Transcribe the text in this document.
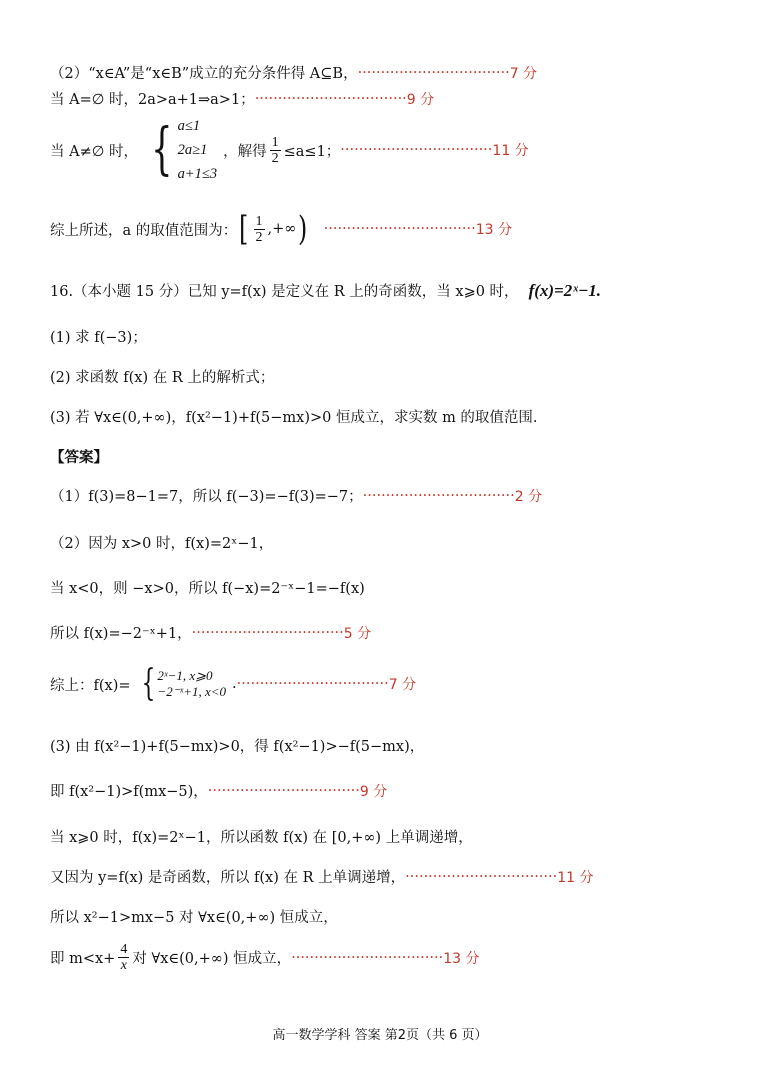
（2）“x∈A”是“x∈B”成立的充分条件得 A⊆B， ································· 7 分
当 A=∅ 时，2a>a+1⇒a>1； ································· 9 分
当 A≠∅ 时， { a≤1
2a≥1
a+1≤3
，解得 $\frac{1}{2} \le a\le 1$； ································· 11 分
综上所述，a 的取值范围为： [ $\frac{1}{2}$ ,+∞ ) ································· 13 分
16.（本小题 15 分）已知 y=f(x) 是定义在 R 上的奇函数，当 x⩾0 时， f(x)=2ˣ−1.
(1) 求 f(−3)；
(2) 求函数 f(x) 在 R 上的解析式；
(3) 若 ∀x∈(0,+∞)，f(x²−1)+f(5−mx)>0 恒成立，求实数 m 的取值范围.
【答案】
（1）f(3)=8−1=7，所以 f(−3)=−f(3)=−7； ································· 2 分
（2）因为 x>0 时，f(x)=2ˣ−1，
当 x<0，则 −x>0，所以 f(−x)=2⁻ˣ−1=−f(x)
所以 f(x)=−2⁻ˣ+1， ································· 5 分
综上：f(x)= { 2ˣ−1, x⩾0
−2⁻ˣ+1, x<0 . ································· 7 分
(3) 由 f(x²−1)+f(5−mx)>0，得 f(x²−1)>−f(5−mx)，
即 f(x²−1)>f(mx−5)， ································· 9 分
当 x⩾0 时，f(x)=2ˣ−1，所以函数 f(x) 在 [0,+∞) 上单调递增，
又因为 y=f(x) 是奇函数，所以 f(x) 在 R 上单调递增， ································· 11 分
所以 x²−1>mx−5 对 ∀x∈(0,+∞) 恒成立，
即 $m<x+ \frac{4}{x}$ 对 ∀x∈(0,+∞) 恒成立， ································· 13 分
高一数学学科 答案 第2页（共 6 页）
